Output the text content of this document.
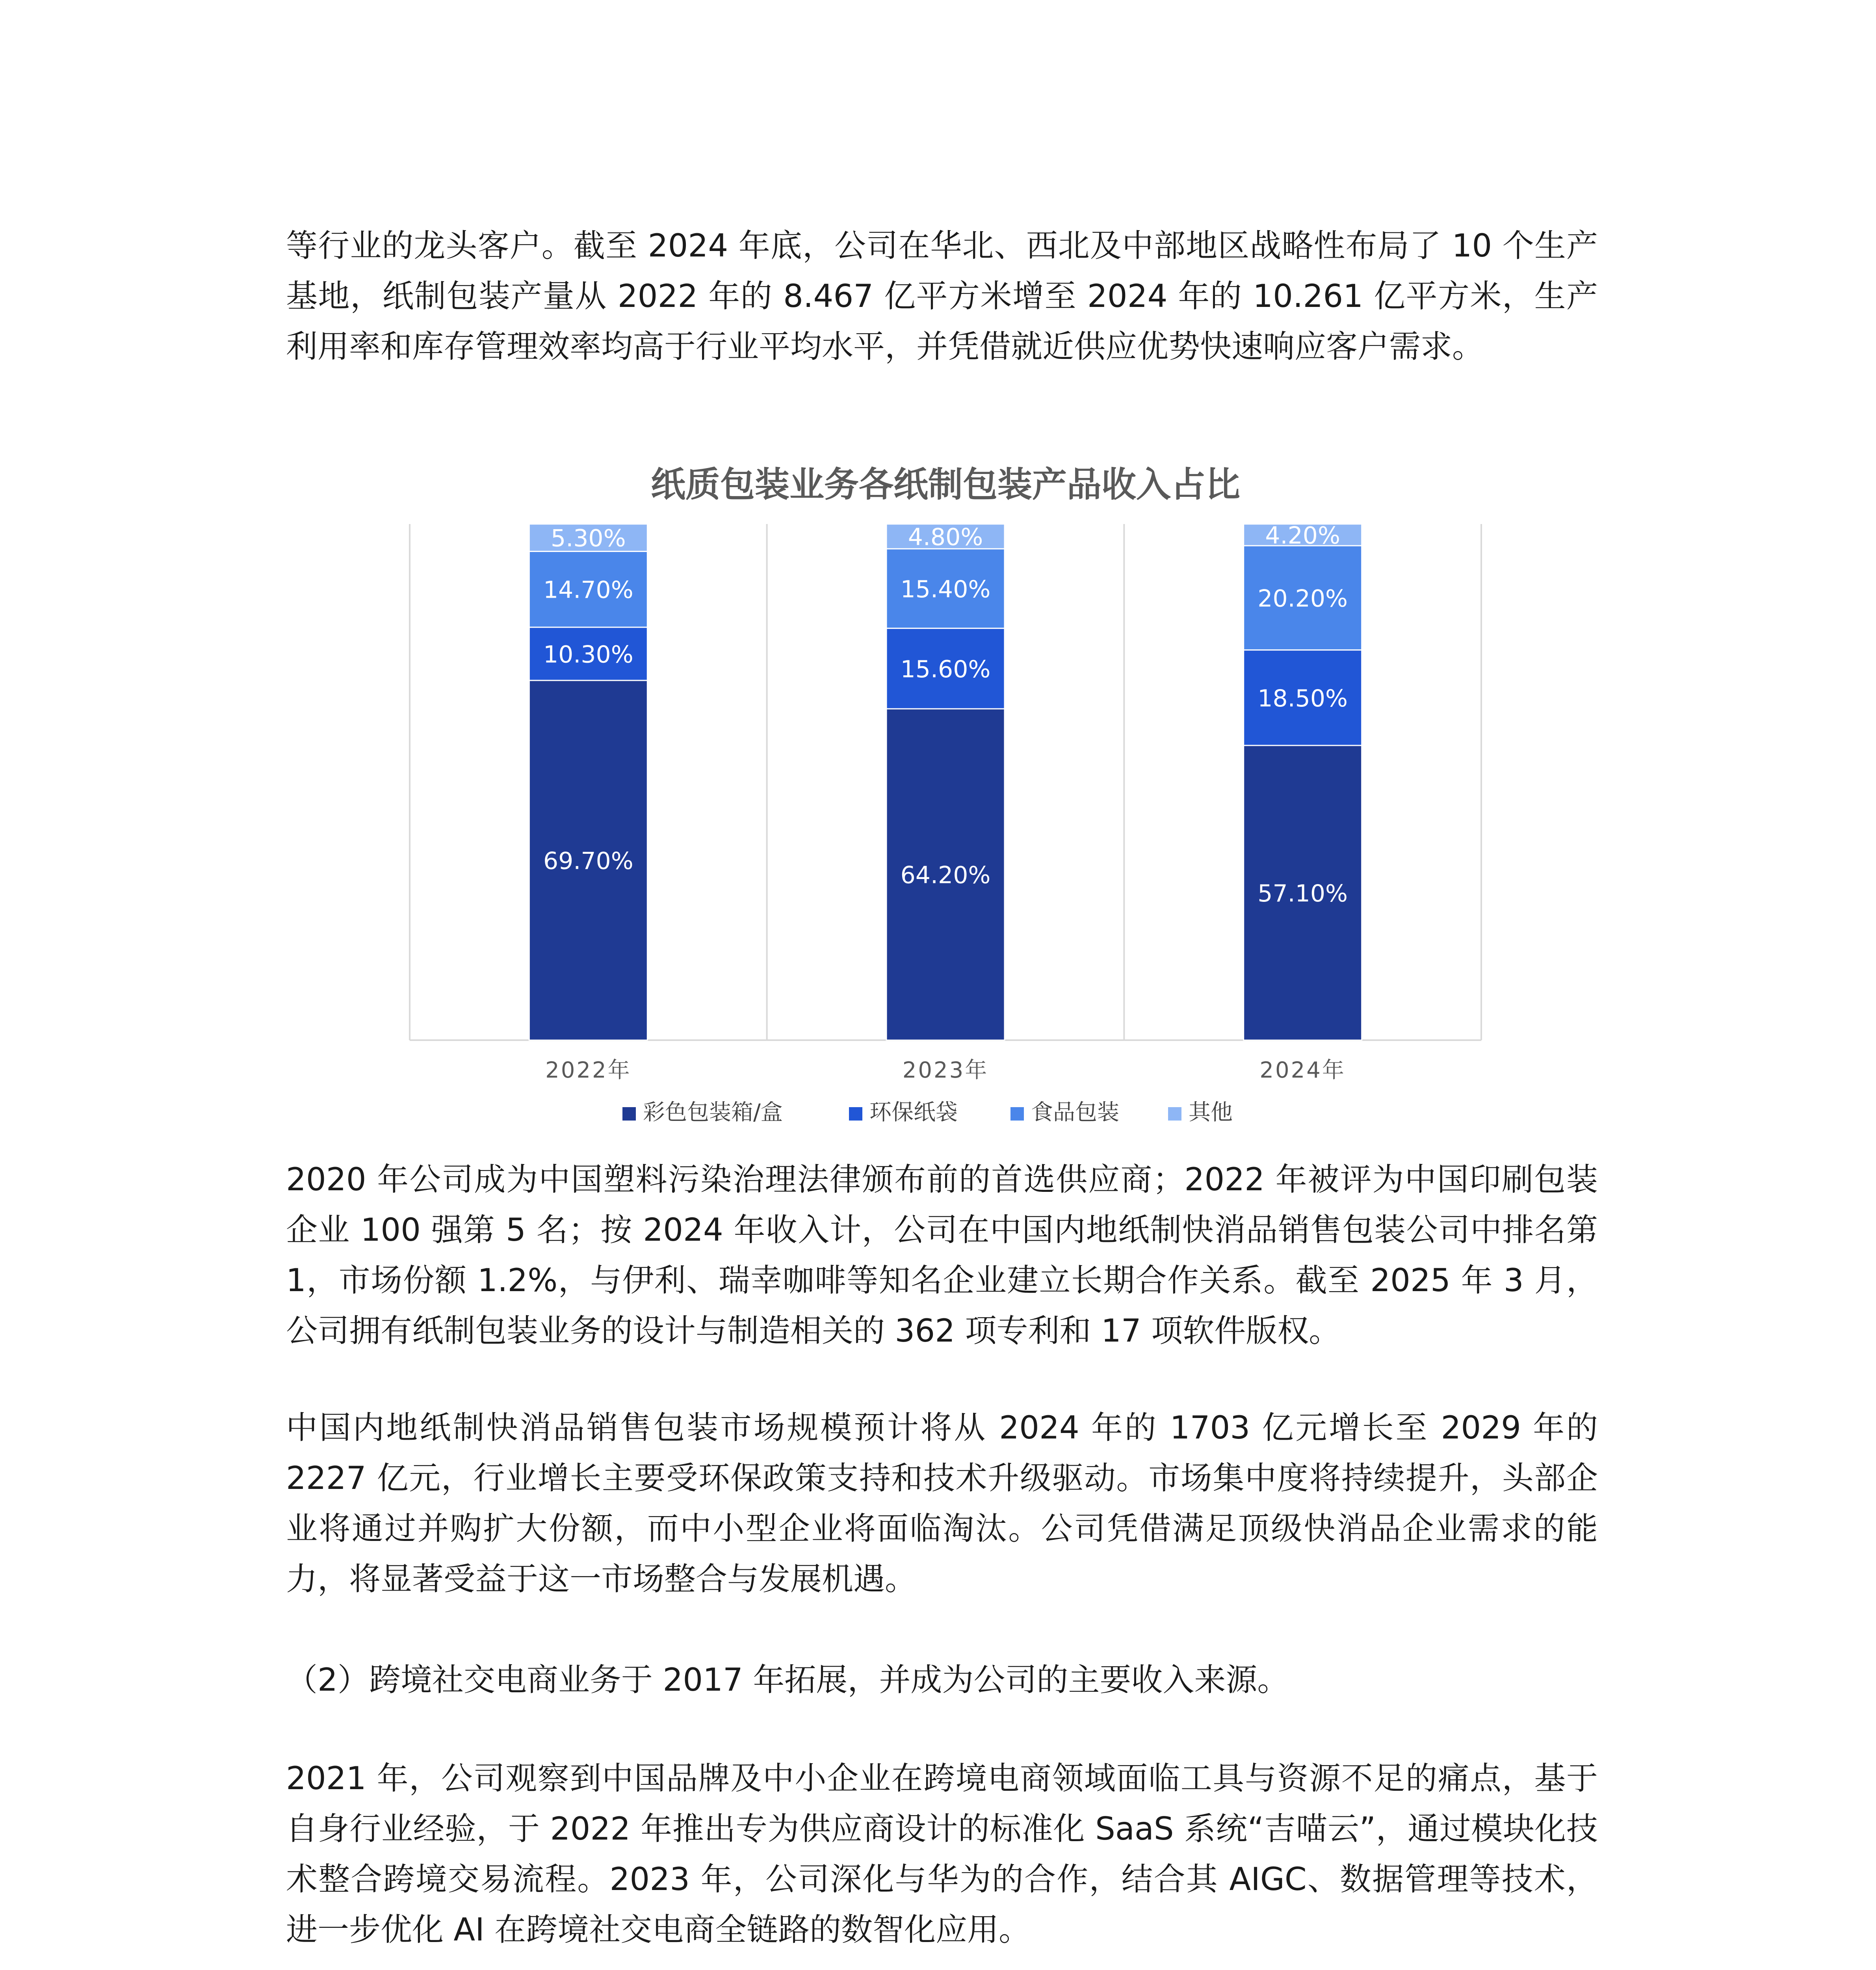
等行业的龙头客户。截至 2024 年底，公司在华北、西北及中部地区战略性布局了 10 个生产基地，纸制包装产量从 2022 年的 8.467 亿平方米增至 2024 年的 10.261 亿平方米，生产利用率和库存管理效率均高于行业平均水平，并凭借就近供应优势快速响应客户需求。

纸质包装业务各纸制包装产品收入占比
69.70%
10.30%
14.70%
5.30%
64.20%
15.60%
15.40%
4.80%
57.10%
18.50%
20.20%
4.20%
2022年	2023年	2024年
彩色包装箱/盒	环保纸袋	食品包装	其他

2020 年公司成为中国塑料污染治理法律颁布前的首选供应商；2022 年被评为中国印刷包装企业 100 强第 5 名；按 2024 年收入计，公司在中国内地纸制快消品销售包装公司中排名第 1，市场份额 1.2%，与伊利、瑞幸咖啡等知名企业建立长期合作关系。截至 2025 年 3 月，公司拥有纸制包装业务的设计与制造相关的 362 项专利和 17 项软件版权。

中国内地纸制快消品销售包装市场规模预计将从 2024 年的 1703 亿元增长至 2029 年的 2227 亿元，行业增长主要受环保政策支持和技术升级驱动。市场集中度将持续提升，头部企业将通过并购扩大份额，而中小型企业将面临淘汰。公司凭借满足顶级快消品企业需求的能力，将显著受益于这一市场整合与发展机遇。

（2）跨境社交电商业务于 2017 年拓展，并成为公司的主要收入来源。

2021 年，公司观察到中国品牌及中小企业在跨境电商领域面临工具与资源不足的痛点，基于自身行业经验，于 2022 年推出专为供应商设计的标准化 SaaS 系统“吉喵云”，通过模块化技术整合跨境交易流程。2023 年，公司深化与华为的合作，结合其 AIGC、数据管理等技术，进一步优化 AI 在跨境社交电商全链路的数智化应用。
